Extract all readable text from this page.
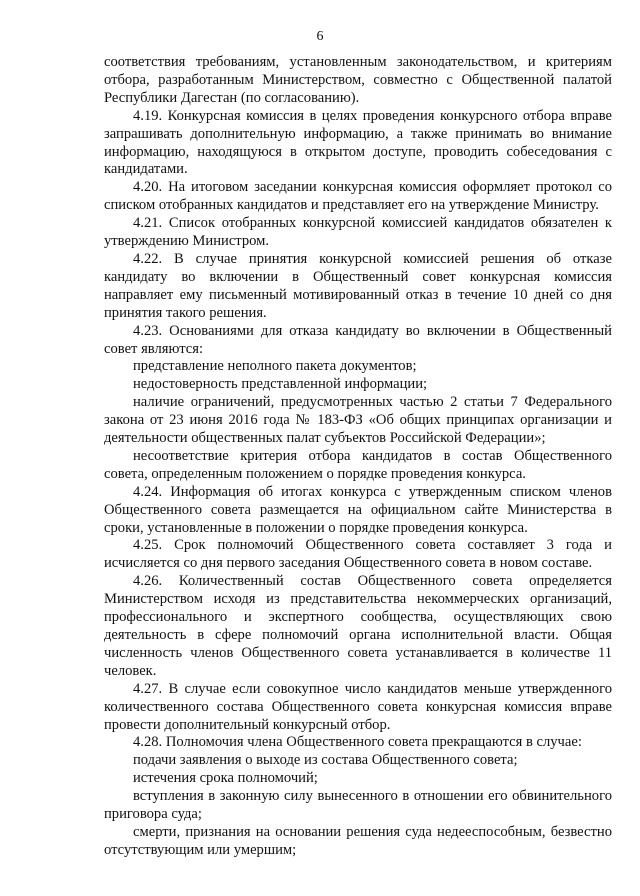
6

соответствия требованиям, установленным законодательством, и критериям отбора, разработанным Министерством, совместно с Общественной палатой Республики Дагестан (по согласованию).

4.19. Конкурсная комиссия в целях проведения конкурсного отбора вправе запрашивать дополнительную информацию, а также принимать во внимание информацию, находящуюся в открытом доступе, проводить собеседования с кандидатами.

4.20. На итоговом заседании конкурсная комиссия оформляет протокол со списком отобранных кандидатов и представляет его на утверждение Министру.

4.21. Список отобранных конкурсной комиссией кандидатов обязателен к утверждению Министром.

4.22. В случае принятия конкурсной комиссией решения об отказе кандидату во включении в Общественный совет конкурсная комиссия направляет ему письменный мотивированный отказ в течение 10 дней со дня принятия такого решения.

4.23. Основаниями для отказа кандидату во включении в Общественный совет являются:

представление неполного пакета документов;

недостоверность представленной информации;

наличие ограничений, предусмотренных частью 2 статьи 7 Федерального закона от 23 июня 2016 года № 183-ФЗ «Об общих принципах организации и деятельности общественных палат субъектов Российской Федерации»;

несоответствие критерия отбора кандидатов в состав Общественного совета, определенным положением о порядке проведения конкурса.

4.24. Информация об итогах конкурса с утвержденным списком членов Общественного совета размещается на официальном сайте Министерства в сроки, установленные в положении о порядке проведения конкурса.

4.25. Срок полномочий Общественного совета составляет 3 года и исчисляется со дня первого заседания Общественного совета в новом составе.

4.26. Количественный состав Общественного совета определяется Министерством исходя из представительства некоммерческих организаций, профессионального и экспертного сообщества, осуществляющих свою деятельность в сфере полномочий органа исполнительной власти. Общая численность членов Общественного совета устанавливается в количестве 11 человек.

4.27. В случае если совокупное число кандидатов меньше утвержденного количественного состава Общественного совета конкурсная комиссия вправе провести дополнительный конкурсный отбор.

4.28. Полномочия члена Общественного совета прекращаются в случае:

подачи заявления о выходе из состава Общественного совета;

истечения срока полномочий;

вступления в законную силу вынесенного в отношении его обвинительного приговора суда;

смерти, признания на основании решения суда недееспособным, безвестно отсутствующим или умершим;
